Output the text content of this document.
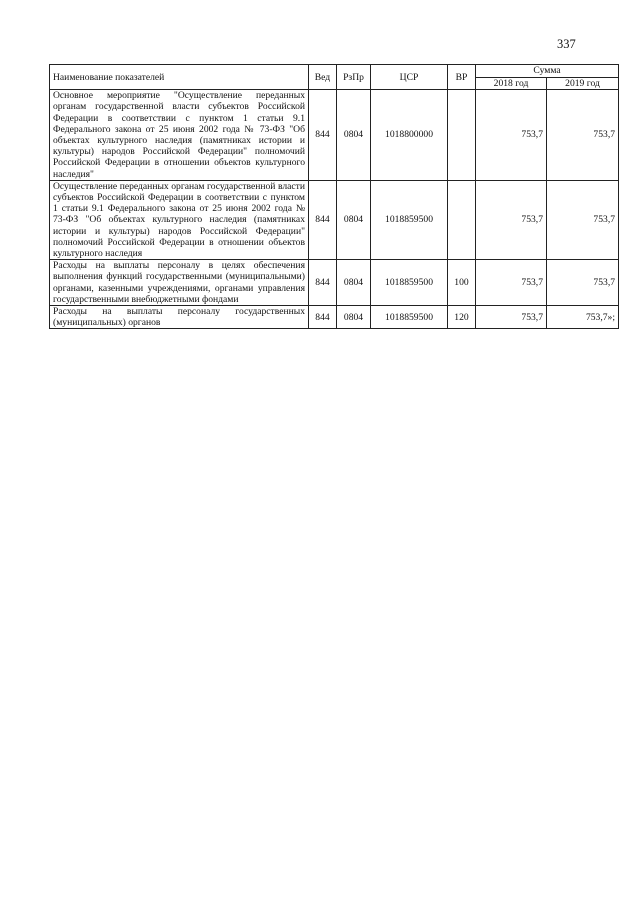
337
Наименование показателей	Вед	РзПр	ЦСР	ВР	Сумма	
					2018 год	2019 год
Основное мероприятие "Осуществление переданных органам государственной власти субъектов Российской Федерации в соответствии с пунктом 1 статьи 9.1 Федерального закона от 25 июня 2002 года № 73-ФЗ "Об объектах культурного наследия (памятниках истории и культуры) народов Российской Федерации" полномочий Российской Федерации в отношении объектов культурного наследия"	844	0804	1018800000		753,7	753,7
Осуществление переданных органам государственной власти субъектов Российской Федерации в соответствии с пунктом 1 статьи 9.1 Федерального закона от 25 июня 2002 года № 73-ФЗ "Об объектах культурного наследия (памятниках истории и культуры) народов Российской Федерации" полномочий Российской Федерации в отношении объектов культурного наследия	844	0804	1018859500		753,7	753,7
Расходы на выплаты персоналу в целях обеспечения выполнения функций государственными (муниципальными) органами, казенными учреждениями, органами управления государственными внебюджетными фондами	844	0804	1018859500	100	753,7	753,7
Расходы на выплаты персоналу государственных (муниципальных) органов	844	0804	1018859500	120	753,7	753,7»;
